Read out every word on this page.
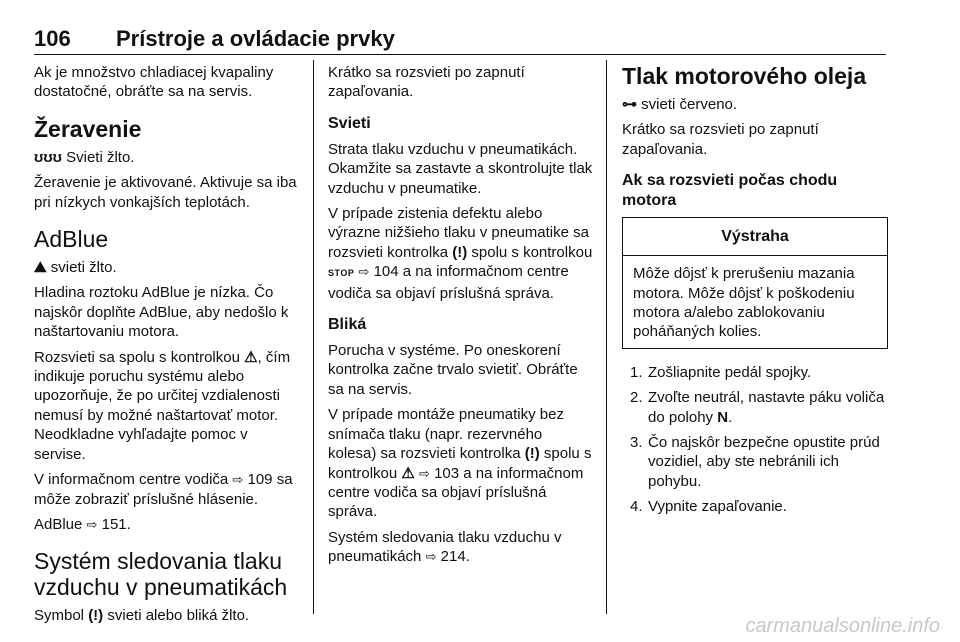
106 Prístroje a ovládacie prvky

Ak je množstvo chladiacej kvapaliny dostatočné, obráťte sa na servis.

Žeravenie

ʊʊʊ Svieti žlto.

Žeravenie je aktivované. Aktivuje sa iba pri nízkych vonkajších teplotách.

AdBlue

⛰ svieti žlto.

Hladina roztoku AdBlue je nízka. Čo najskôr doplňte AdBlue, aby nedošlo k naštartovaniu motora.

Rozsvieti sa spolu s kontrolkou ⚠, čím indikuje poruchu systému alebo upozorňuje, že po určitej vzdialenosti nemusí by možné naštartovať motor. Neodkladne vyhľadajte pomoc v servise.

V informačnom centre vodiča ⇨ 109 sa môže zobraziť príslušné hlásenie.

AdBlue ⇨ 151.

Systém sledovania tlaku vzduchu v pneumatikách

Symbol (!) svieti alebo bliká žlto.

Krátko sa rozsvieti po zapnutí zapaľovania.

Svieti

Strata tlaku vzduchu v pneumatikách. Okamžite sa zastavte a skontrolujte tlak vzduchu v pneumatike.

V prípade zistenia defektu alebo výrazne nižšieho tlaku v pneumatike sa rozsvieti kontrolka (!) spolu s kontrolkou STOP ⇨ 104 a na informačnom centre vodiča sa objaví príslušná správa.

Bliká

Porucha v systéme. Po oneskorení kontrolka začne trvalo svietiť. Obráťte sa na servis.

V prípade montáže pneumatiky bez snímača tlaku (napr. rezervného kolesa) sa rozsvieti kontrolka (!) spolu s kontrolkou ⚠ ⇨ 103 a na informačnom centre vodiča sa objaví príslušná správa.

Systém sledovania tlaku vzduchu v pneumatikách ⇨ 214.

Tlak motorového oleja

⊶ svieti červeno.

Krátko sa rozsvieti po zapnutí zapaľovania.

Ak sa rozsvieti počas chodu motora
Výstraha

Môže dôjsť k prerušeniu mazania motora. Môže dôjsť k poškodeniu motora a/alebo zablokovaniu poháňaných kolies.

1. Zošliapnite pedál spojky.
2. Zvoľte neutrál, nastavte páku voliča do polohy N.
3. Čo najskôr bezpečne opustite prúd vozidiel, aby ste nebránili ich pohybu.
4. Vypnite zapaľovanie.
carmanualsonline.info
